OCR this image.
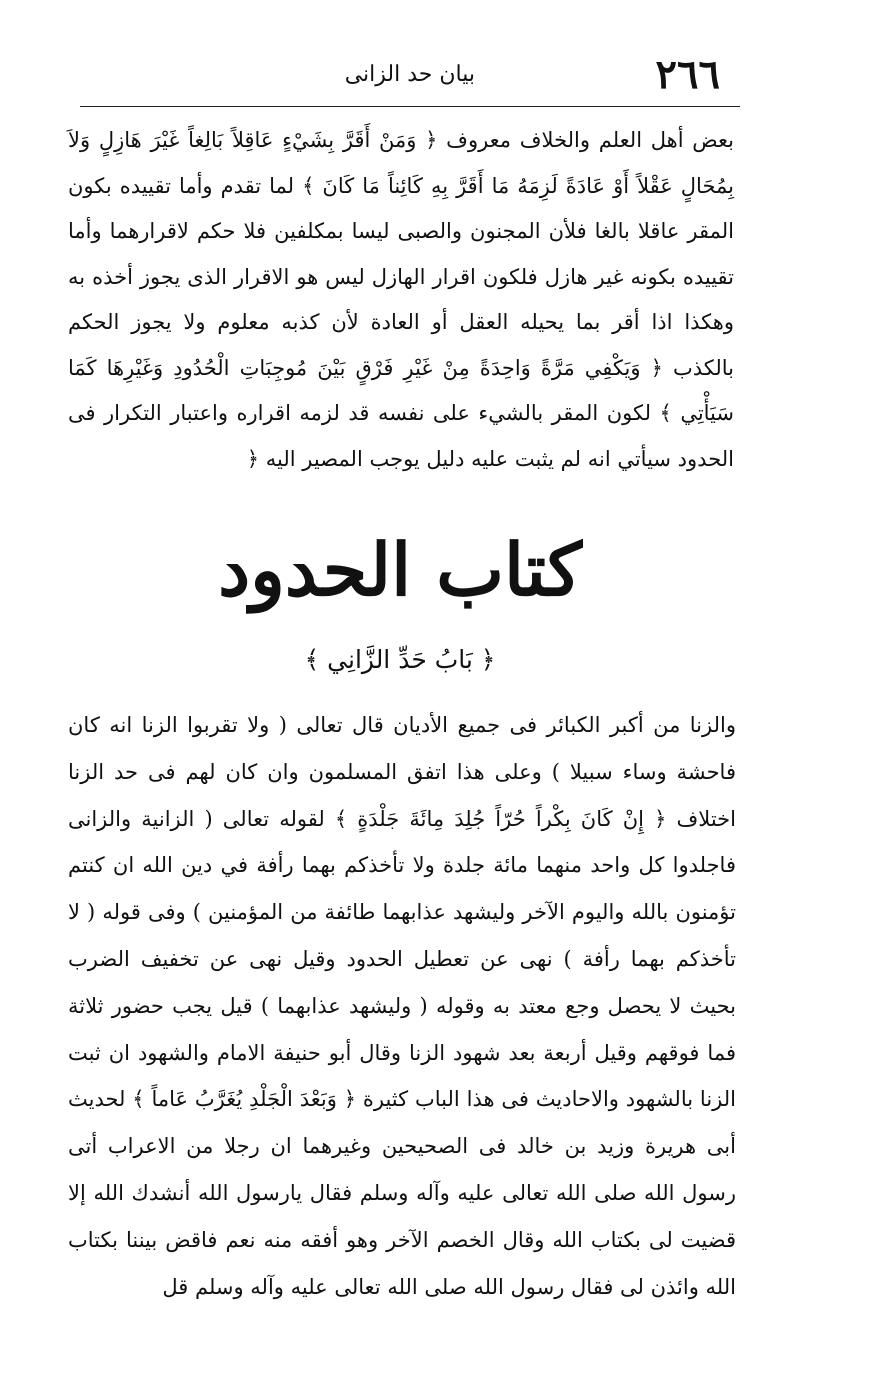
٢٦٦
بيان حد الزانى

بعض أهل العلم والخلاف معروف ﴿ وَمَنْ أَقَرَّ بِشَيْءٍ عَاقِلاً بَالِغاً غَيْرَ هَازِلٍ وَلاَ بِمُحَالٍ عَقْلاً أَوْ عَادَةً لَزِمَهُ مَا أَقَرَّ بِهِ كَائِناً مَا كَانَ ﴾ لما تقدم وأما تقييده بكون المقر عاقلا بالغا فلأن المجنون والصبى ليسا بمكلفين فلا حكم لاقرارهما وأما تقييده بكونه غير هازل فلكون اقرار الهازل ليس هو الاقرار الذى يجوز أخذه به وهكذا اذا أقر بما يحيله العقل أو العادة لأن كذبه معلوم ولا يجوز الحكم بالكذب ﴿ وَيَكْفِي مَرَّةً وَاحِدَةً مِنْ غَيْرِ فَرْقٍ بَيْنَ مُوجِبَاتِ الْحُدُودِ وَغَيْرِهَا كَمَا سَيَأْتِي ﴾ لكون المقر بالشيء على نفسه قد لزمه اقراره واعتبار التكرار فى الحدود سيأتي انه لم يثبت عليه دليل يوجب المصير اليه ﴿

كتاب الحدود
﴿ بَابُ حَدِّ الزَّانِي ﴾

والزنا من أكبر الكبائر فى جميع الأديان قال تعالى ( ولا تقربوا الزنا انه كان فاحشة وساء سبيلا ) وعلى هذا اتفق المسلمون وان كان لهم فى حد الزنا اختلاف ﴿ إِنْ كَانَ بِكْراً حُرّاً جُلِدَ مِائَةَ جَلْدَةٍ ﴾ لقوله تعالى ( الزانية والزانى فاجلدوا كل واحد منهما مائة جلدة ولا تأخذكم بهما رأفة في دين الله ان كنتم تؤمنون بالله واليوم الآخر وليشهد عذابهما طائفة من المؤمنين ) وفى قوله ( لا تأخذكم بهما رأفة ) نهى عن تعطيل الحدود وقيل نهى عن تخفيف الضرب بحيث لا يحصل وجع معتد به وقوله ( وليشهد عذابهما ) قيل يجب حضور ثلاثة فما فوقهم وقيل أربعة بعد شهود الزنا وقال أبو حنيفة الامام والشهود ان ثبت الزنا بالشهود والاحاديث فى هذا الباب كثيرة ﴿ وَبَعْدَ الْجَلْدِ يُغَرَّبُ عَاماً ﴾ لحديث أبى هريرة وزيد بن خالد فى الصحيحين وغيرهما ان رجلا من الاعراب أتى رسول الله صلى الله تعالى عليه وآله وسلم فقال يارسول الله أنشدك الله إلا قضيت لى بكتاب الله وقال الخصم الآخر وهو أفقه منه نعم فاقض بيننا بكتاب الله وائذن لى فقال رسول الله صلى الله تعالى عليه وآله وسلم قل
